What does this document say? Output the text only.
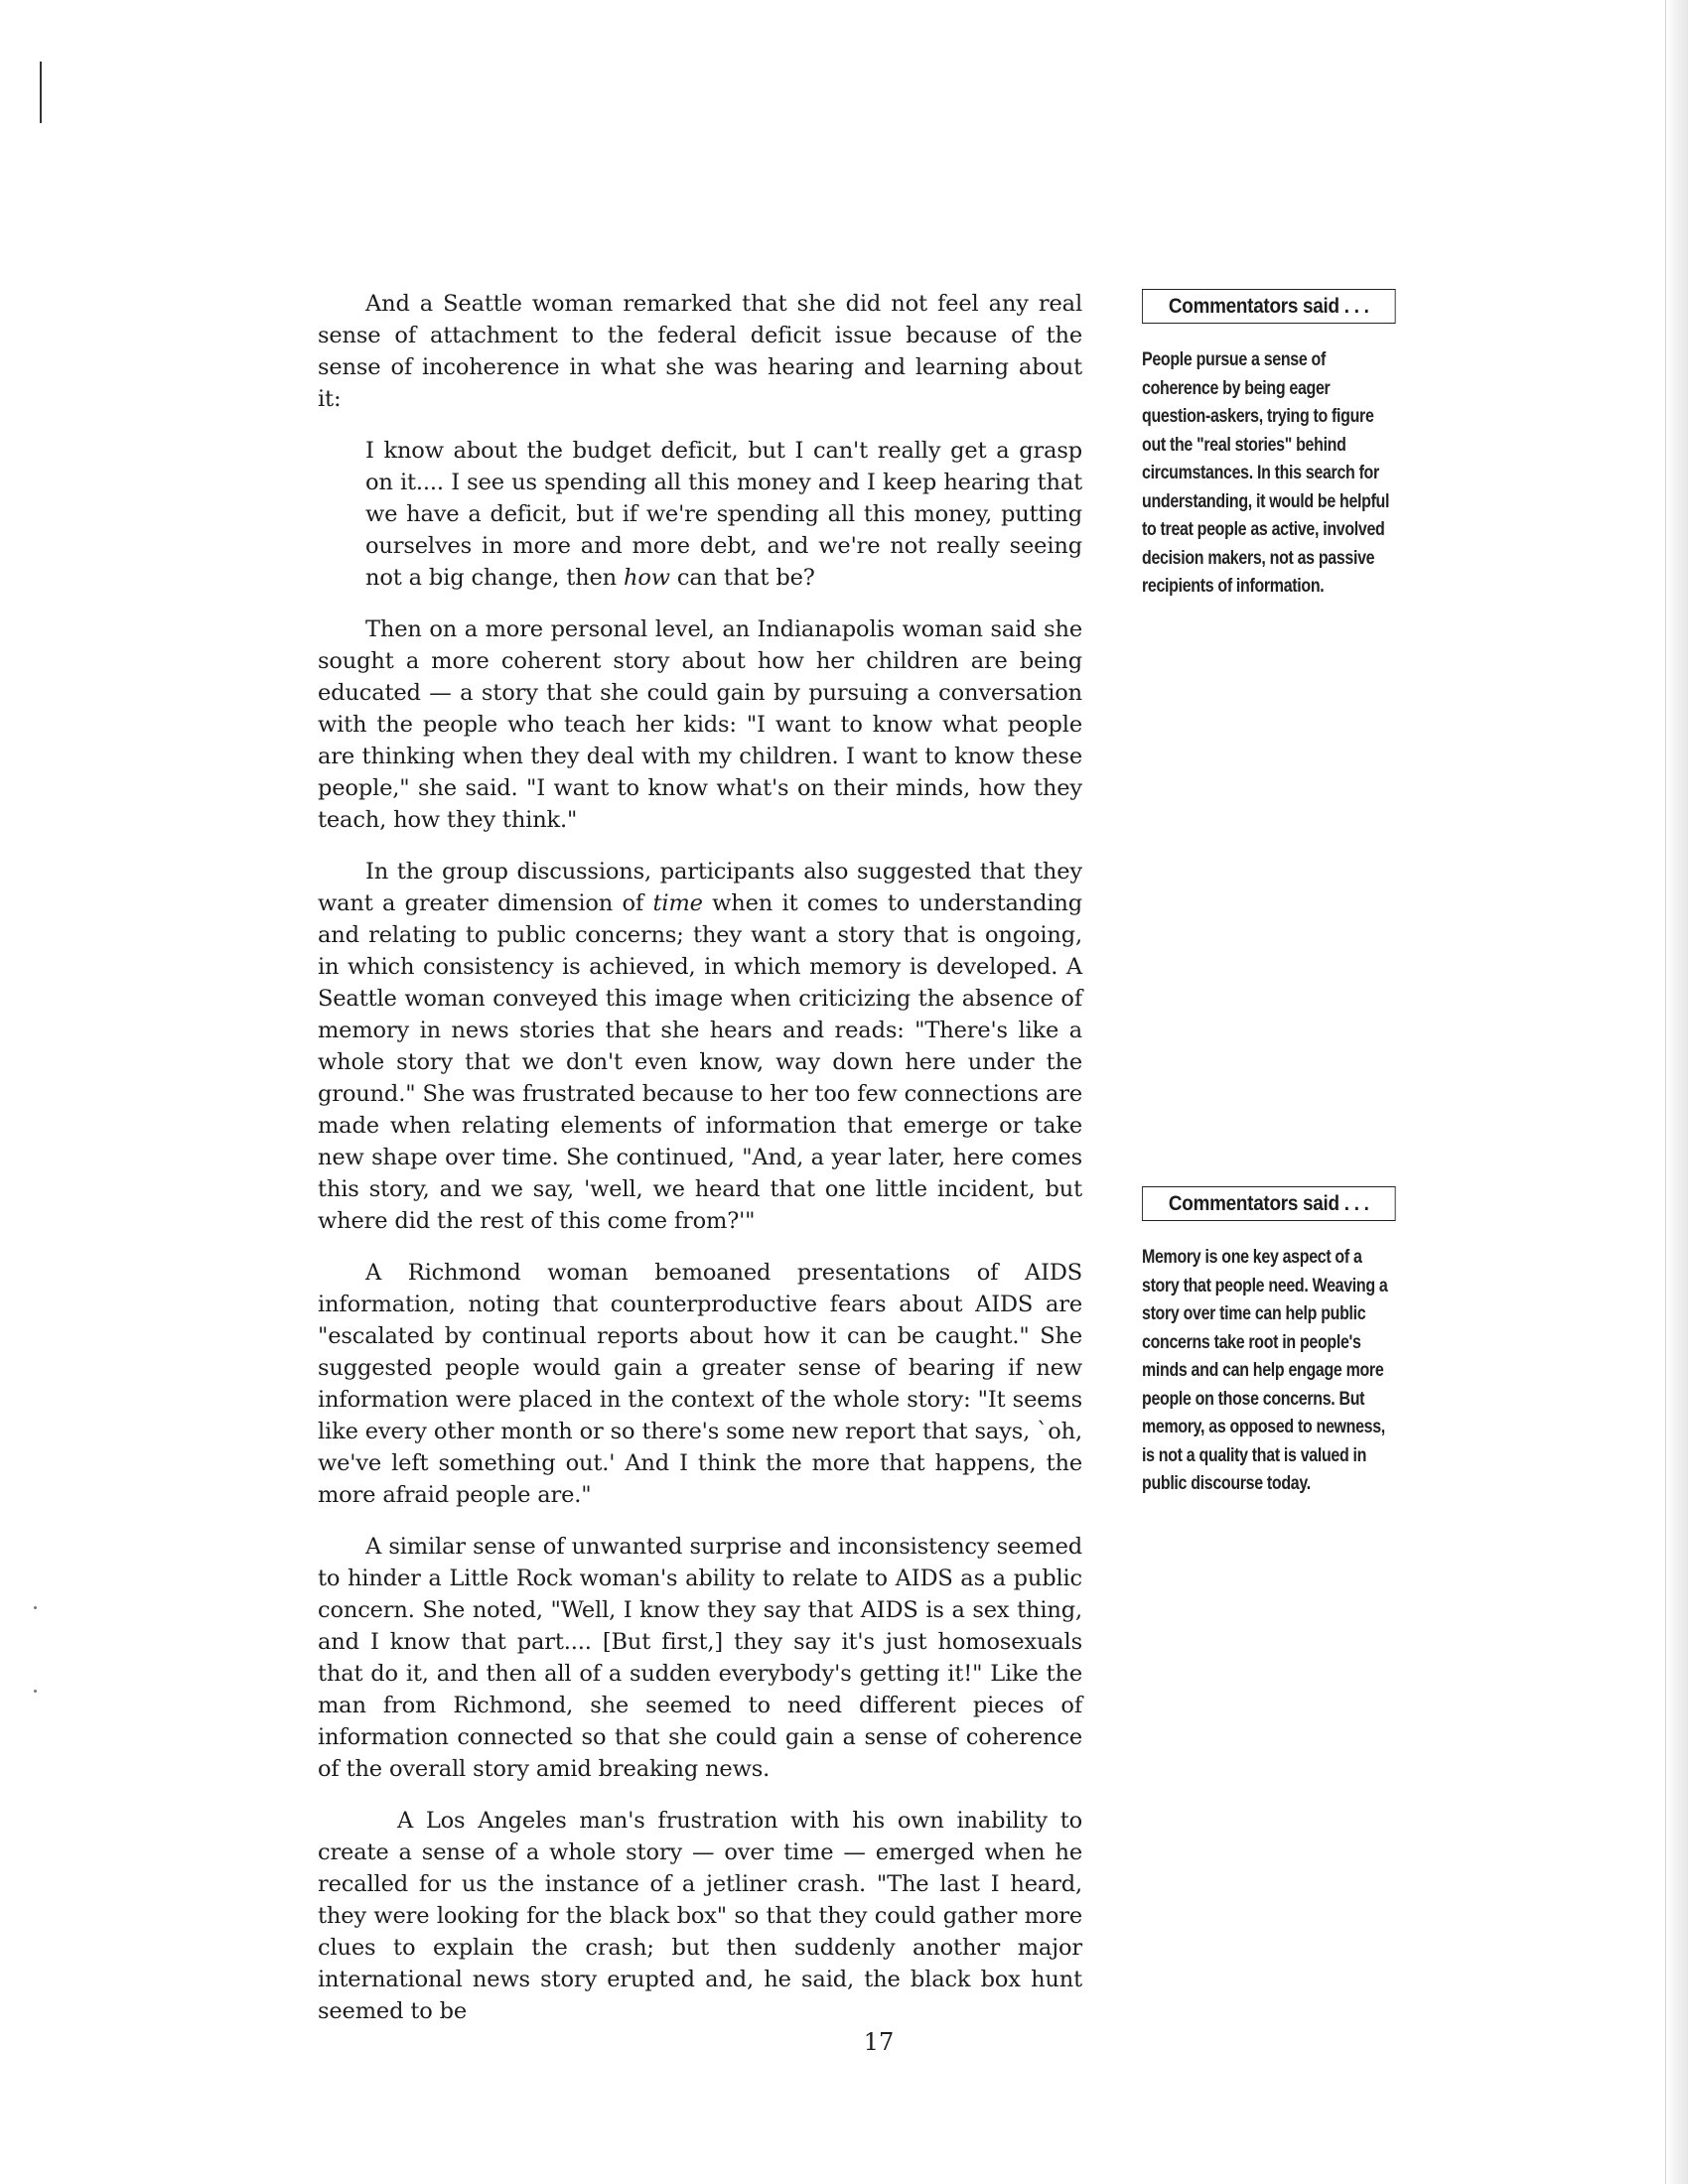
And a Seattle woman remarked that she did not feel any real sense of attachment to the federal deficit issue because of the sense of incoherence in what she was hearing and learning about it:

I know about the budget deficit, but I can't really get a grasp on it.... I see us spending all this money and I keep hearing that we have a deficit, but if we're spending all this money, putting ourselves in more and more debt, and we're not really seeing not a big change, then how can that be?

Then on a more personal level, an Indianapolis woman said she sought a more coherent story about how her children are being educated — a story that she could gain by pursuing a conversation with the people who teach her kids: "I want to know what people are thinking when they deal with my children. I want to know these people," she said. "I want to know what's on their minds, how they teach, how they think."

In the group discussions, participants also suggested that they want a greater dimension of time when it comes to understanding and relating to public concerns; they want a story that is ongoing, in which consistency is achieved, in which memory is developed. A Seattle woman conveyed this image when criticizing the absence of memory in news stories that she hears and reads: "There's like a whole story that we don't even know, way down here under the ground." She was frustrated because to her too few connections are made when relating elements of information that emerge or take new shape over time. She continued, "And, a year later, here comes this story, and we say, 'well, we heard that one little incident, but where did the rest of this come from?'"

A Richmond woman bemoaned presentations of AIDS information, noting that counterproductive fears about AIDS are "escalated by continual reports about how it can be caught." She suggested people would gain a greater sense of bearing if new information were placed in the context of the whole story: "It seems like every other month or so there's some new report that says, `oh, we've left something out.' And I think the more that happens, the more afraid people are."

A similar sense of unwanted surprise and inconsistency seemed to hinder a Little Rock woman's ability to relate to AIDS as a public concern. She noted, "Well, I know they say that AIDS is a sex thing, and I know that part.... [But first,] they say it's just homosexuals that do it, and then all of a sudden everybody's getting it!" Like the man from Richmond, she seemed to need different pieces of information connected so that she could gain a sense of coherence of the overall story amid breaking news.

A Los Angeles man's frustration with his own inability to create a sense of a whole story — over time — emerged when he recalled for us the instance of a jetliner crash. "The last I heard, they were looking for the black box" so that they could gather more clues to explain the crash; but then suddenly another major international news story erupted and, he said, the black box hunt seemed to be

Commentators said . . .
People pursue a sense of coherence by being eager question-askers, trying to figure out the "real stories" behind circumstances. In this search for understanding, it would be helpful to treat people as active, involved decision makers, not as passive recipients of information.
Commentators said . . .
Memory is one key aspect of a story that people need. Weaving a story over time can help public concerns take root in people's minds and can help engage more people on those concerns. But memory, as opposed to newness, is not a quality that is valued in public discourse today.
17
